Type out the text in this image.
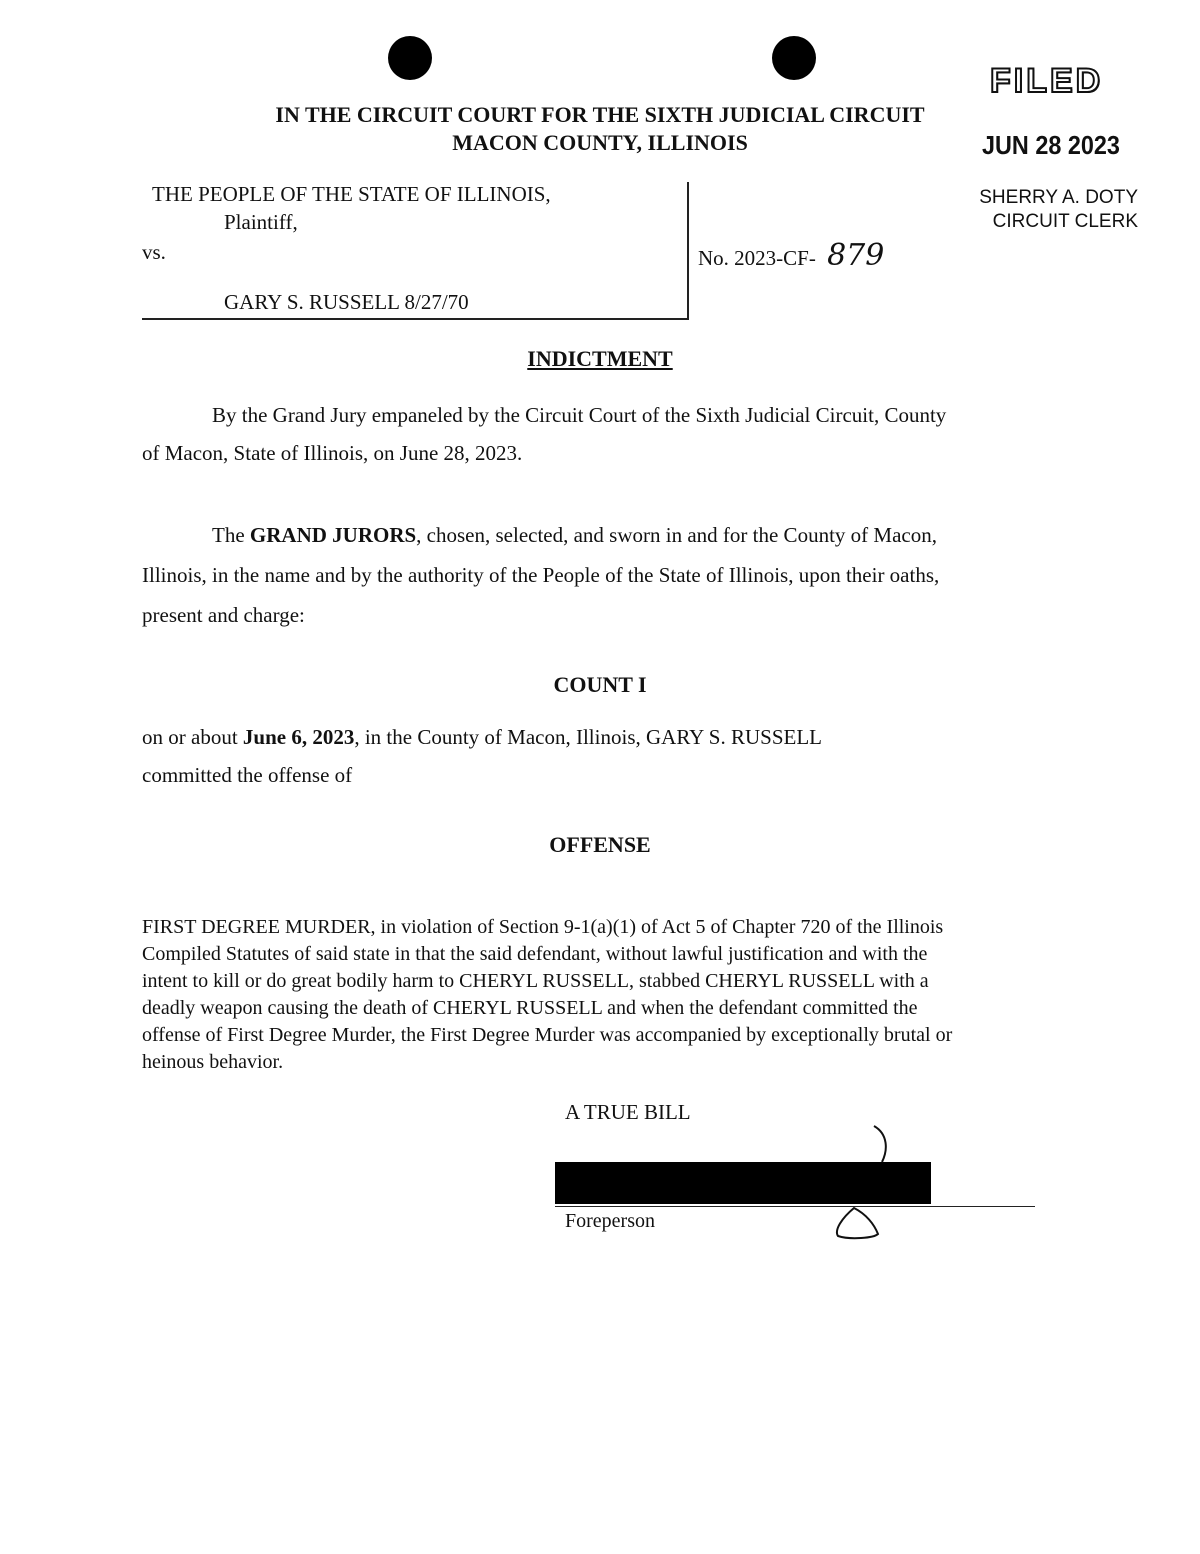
IN THE CIRCUIT COURT FOR THE SIXTH JUDICIAL CIRCUIT
MACON COUNTY, ILLINOIS
FILED
JUN 28 2023
SHERRY A. DOTY
CIRCUIT CLERK
THE PEOPLE OF THE STATE OF ILLINOIS,
Plaintiff,
vs.
GARY S. RUSSELL 8/27/70
No. 2023-CF- 879
INDICTMENT
By the Grand Jury empaneled by the Circuit Court of the Sixth Judicial Circuit, County
of Macon, State of Illinois, on June 28, 2023.
The GRAND JURORS, chosen, selected, and sworn in and for the County of Macon,
Illinois, in the name and by the authority of the People of the State of Illinois, upon their oaths,
present and charge:
COUNT I
on or about June 6, 2023, in the County of Macon, Illinois, GARY S. RUSSELL
committed the offense of
OFFENSE
FIRST DEGREE MURDER, in violation of Section 9-1(a)(1) of Act 5 of Chapter 720 of the Illinois
Compiled Statutes of said state in that the said defendant, without lawful justification and with the
intent to kill or do great bodily harm to CHERYL RUSSELL, stabbed CHERYL RUSSELL with a
deadly weapon causing the death of CHERYL RUSSELL and when the defendant committed the
offense of First Degree Murder, the First Degree Murder was accompanied by exceptionally brutal or
heinous behavior.
A TRUE BILL
Foreperson
